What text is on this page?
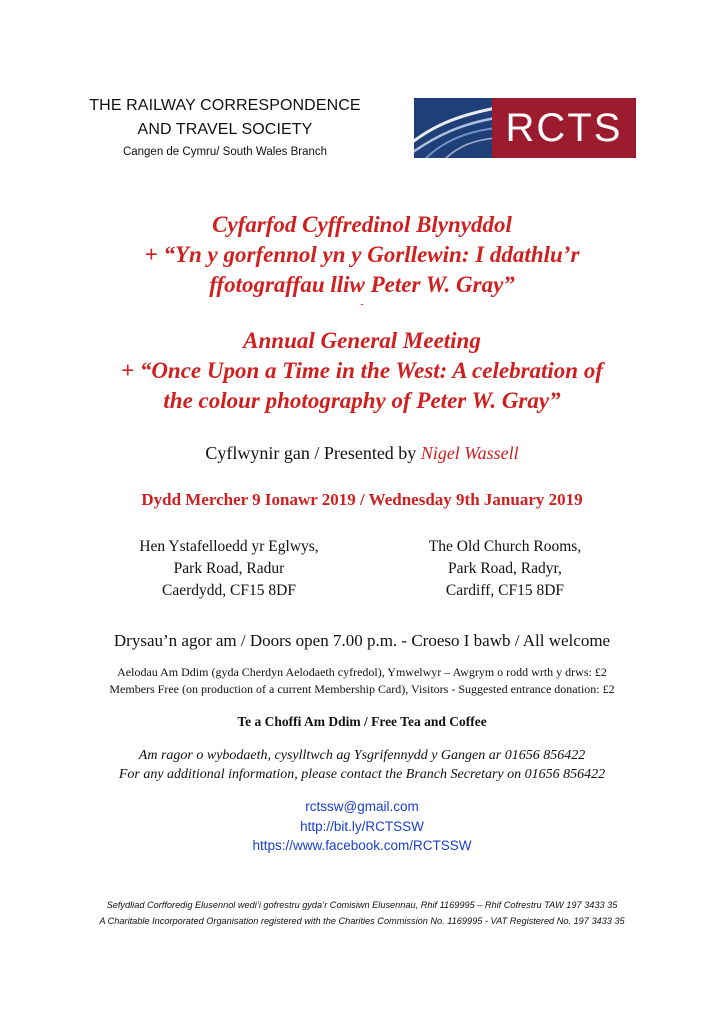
THE RAILWAY CORRESPONDENCE
AND TRAVEL SOCIETY
Cangen de Cymru/ South Wales Branch
RCTS
Cyfarfod Cyffredinol Blynyddol
+ “Yn y gorfennol yn y Gorllewin: I ddathlu’r
ffotograffau lliw Peter W. Gray”
-
Annual General Meeting
+ “Once Upon a Time in the West: A celebration of
the colour photography of Peter W. Gray”
Cyflwynir gan / Presented by Nigel Wassell
Dydd Mercher 9 Ionawr 2019 / Wednesday 9th January 2019
Hen Ystafelloedd yr Eglwys,
Park Road, Radur
Caerdydd, CF15 8DF
The Old Church Rooms,
Park Road, Radyr,
Cardiff, CF15 8DF
Drysau’n agor am / Doors open 7.00 p.m. - Croeso I bawb / All welcome
Aelodau Am Ddim (gyda Cherdyn Aelodaeth cyfredol), Ymwelwyr – Awgrym o rodd wrth y drws: £2
Members Free (on production of a current Membership Card), Visitors - Suggested entrance donation: £2
Te a Choffi Am Ddim / Free Tea and Coffee
Am ragor o wybodaeth, cysylltwch ag Ysgrifennydd y Gangen ar 01656 856422
For any additional information, please contact the Branch Secretary on 01656 856422
rctssw@gmail.com
http://bit.ly/RCTSSW
https://www.facebook.com/RCTSSW
Sefydliad Corfforedig Elusennol wedi’i gofrestru gyda’r Comisiwn Elusennau, Rhif 1169995 – Rhif Cofrestru TAW 197 3433 35
A Charitable Incorporated Organisation registered with the Charities Commission No. 1169995 - VAT Registered No. 197 3433 35
